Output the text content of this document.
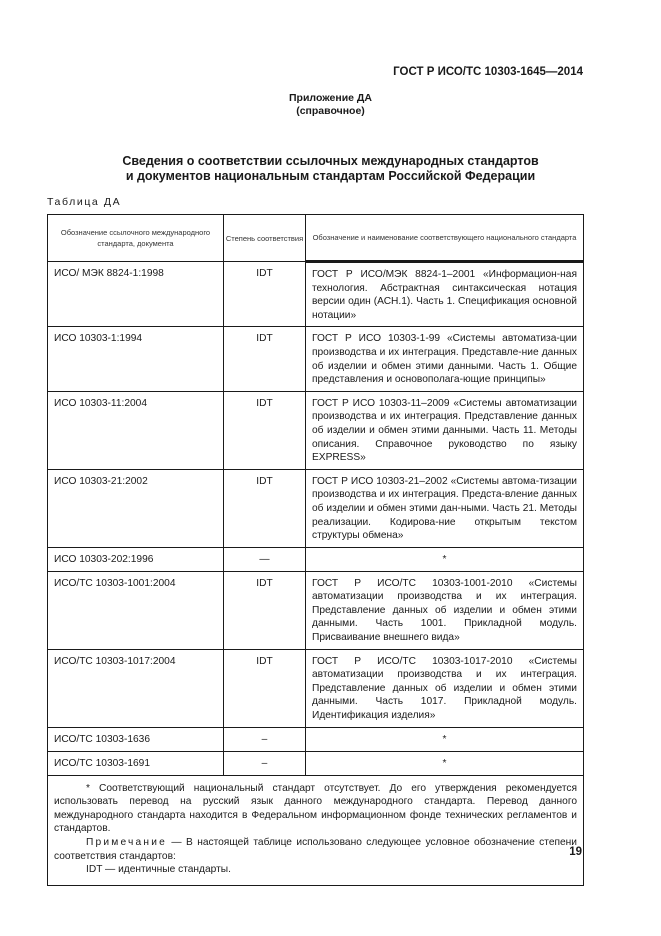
ГОСТ Р ИСО/ТС 10303-1645—2014
Приложение ДА
(справочное)
Сведения о соответствии ссылочных международных стандартов
и документов национальным стандартам Российской Федерации
Таблица ДА
Обозначение ссылочного международного стандарта, документа	Степень соответствия	Обозначение и наименование соответствующего национального стандарта
ИСО/ МЭК 8824-1:1998	IDT	ГОСТ Р ИСО/МЭК 8824-1–2001 «Информацион-ная технология. Абстрактная синтаксическая нотация версии один (АСН.1). Часть 1. Спецификация основной нотации»
ИСО 10303-1:1994	IDT	ГОСТ Р ИСО 10303-1-99 «Системы автоматиза-ции производства и их интеграция. Представле-ние данных об изделии и обмен этими данными. Часть 1. Общие представления и основополага-ющие принципы»
ИСО 10303-11:2004	IDT	ГОСТ Р ИСО 10303-11–2009 «Системы автоматизации производства и их интеграция. Представление данных об изделии и обмен этими данными. Часть 11. Методы описания. Справочное руководство по языку EXPRESS»
ИСО 10303-21:2002	IDT	ГОСТ Р ИСО 10303-21–2002 «Системы автома-тизации производства и их интеграция. Предста-вление данных об изделии и обмен этими дан-ными. Часть 21. Методы реализации. Кодирова-ние открытым текстом структуры обмена»
ИСО 10303-202:1996	—	*
ИСО/ТС 10303-1001:2004	IDT	ГОСТ Р ИСО/ТС 10303-1001-2010 «Системы автоматизации производства и их интеграция. Представление данных об изделии и обмен этими данными. Часть 1001. Прикладной модуль. Присваивание внешнего вида»
ИСО/ТС 10303-1017:2004	IDT	ГОСТ Р ИСО/ТС 10303-1017-2010 «Системы автоматизации производства и их интеграция. Представление данных об изделии и обмен этими данными. Часть 1017. Прикладной модуль. Идентификация изделия»
ИСО/ТС 10303-1636	–	*
ИСО/ТС 10303-1691	–	*

* Соответствующий национальный стандарт отсутствует. До его утверждения рекомендуется использовать перевод на русский язык данного международного стандарта. Перевод данного международного стандарта находится в Федеральном информационном фонде технических регламентов и стандартов.
Примечание — В настоящей таблице использовано следующее условное обозначение степени соответствия стандартов:
IDT — идентичные стандарты.		
19
